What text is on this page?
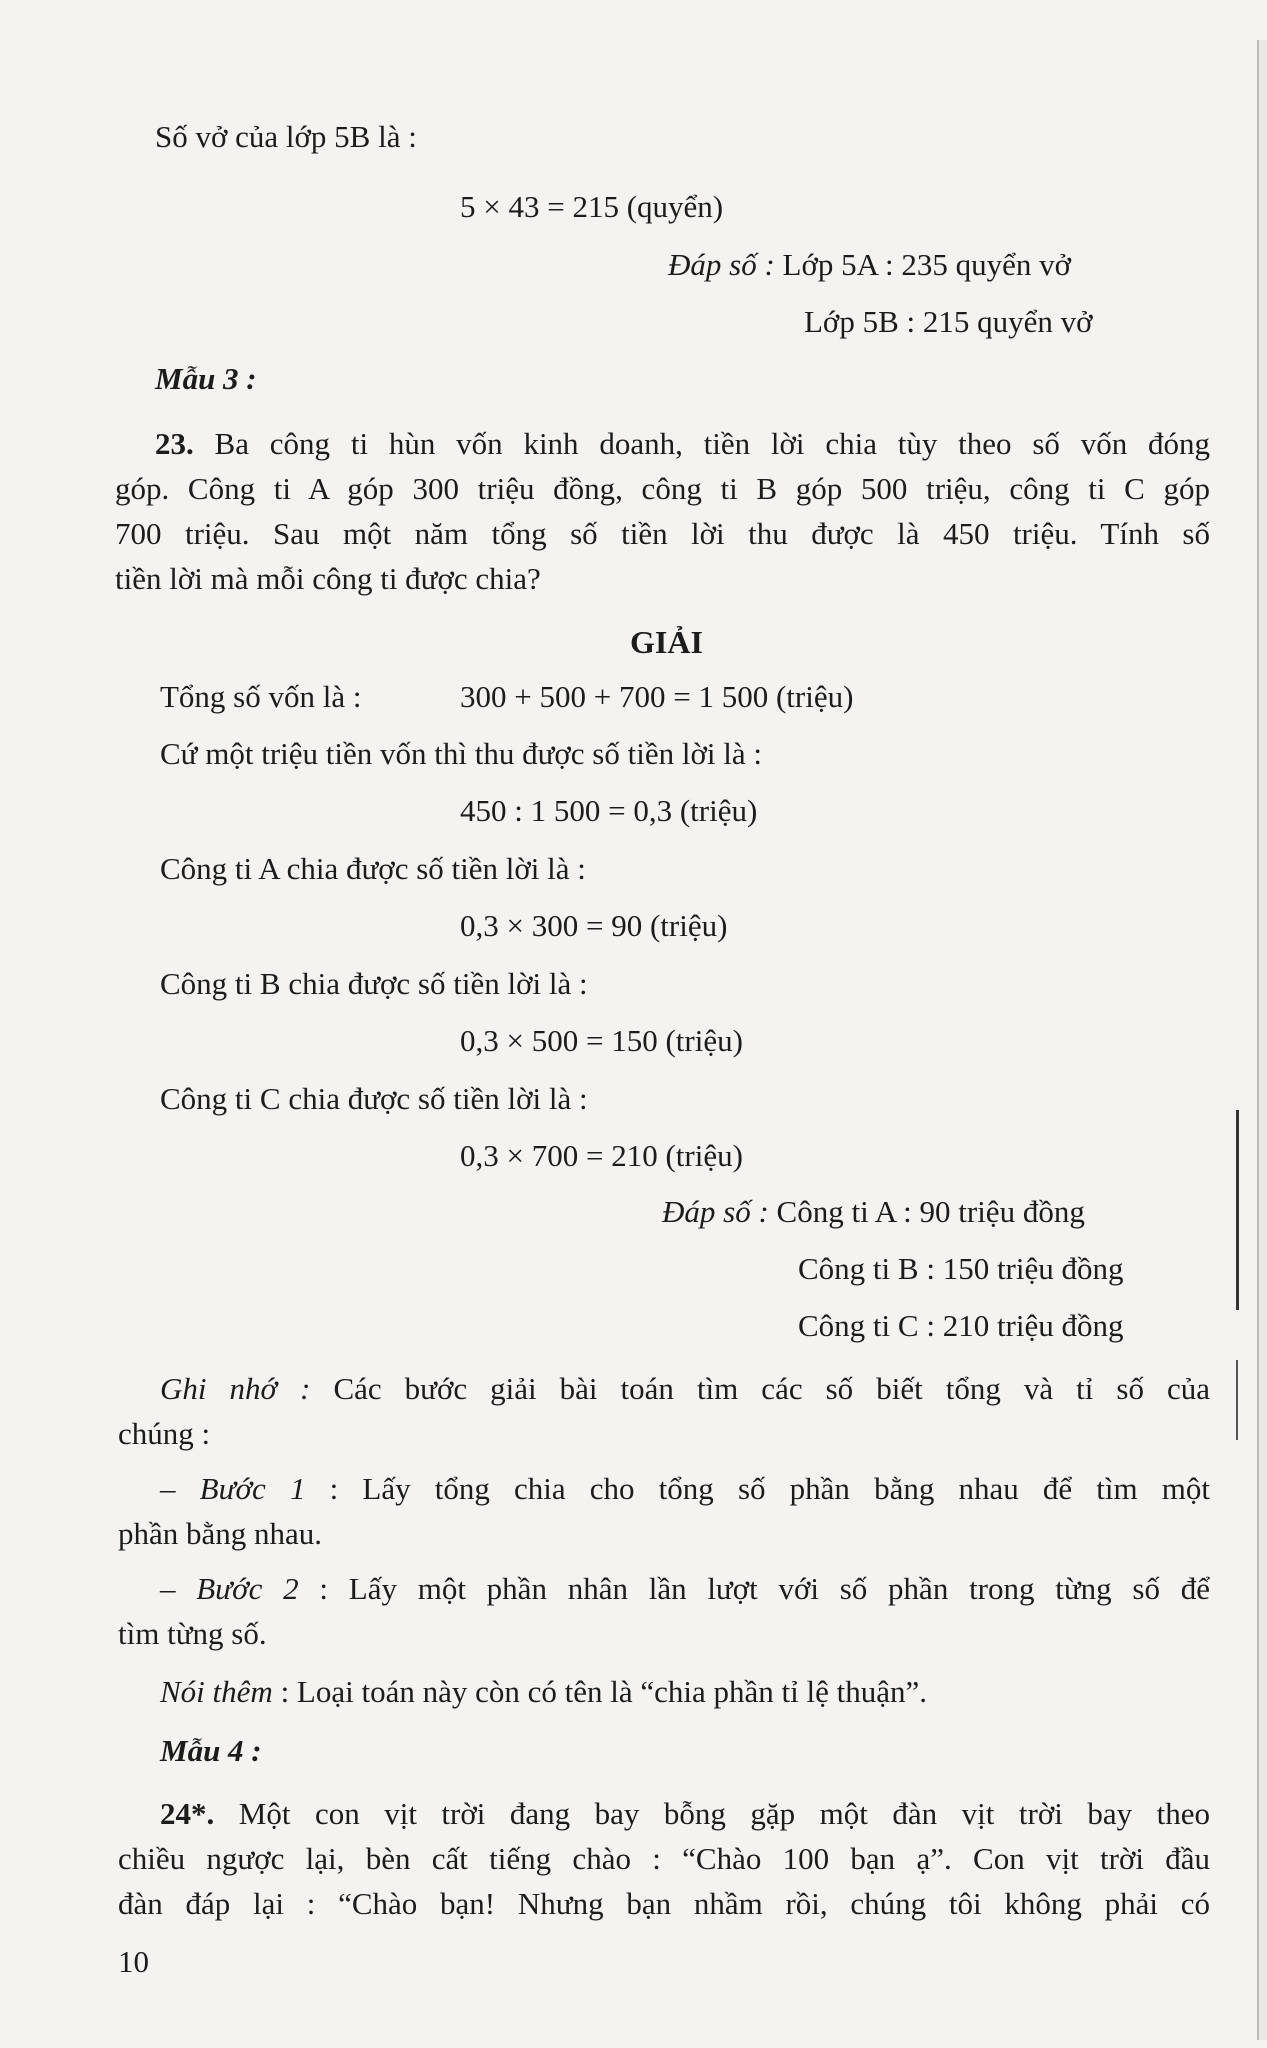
Số vở của lớp 5B là :
5 × 43 = 215 (quyển)
Đáp số : Lớp 5A : 235 quyển vở
Lớp 5B : 215 quyển vở
Mẫu 3 :
23. Ba công ti hùn vốn kinh doanh, tiền lời chia tùy theo số vốn đóng
góp. Công ti A góp 300 triệu đồng, công ti B góp 500 triệu, công ti C góp
700 triệu. Sau một năm tổng số tiền lời thu được là 450 triệu. Tính số
tiền lời mà mỗi công ti được chia?
GIẢI
Tổng số vốn là :	300 + 500 + 700 = 1 500 (triệu)
Cứ một triệu tiền vốn thì thu được số tiền lời là :
450 : 1 500 = 0,3 (triệu)
Công ti A chia được số tiền lời là :
0,3 × 300 = 90 (triệu)
Công ti B chia được số tiền lời là :
0,3 × 500 = 150 (triệu)
Công ti C chia được số tiền lời là :
0,3 × 700 = 210 (triệu)
Đáp số : Công ti A : 90 triệu đồng
Công ti B : 150 triệu đồng
Công ti C : 210 triệu đồng
Ghi nhớ : Các bước giải bài toán tìm các số biết tổng và tỉ số của
chúng :
– Bước 1 : Lấy tổng chia cho tổng số phần bằng nhau để tìm một
phần bằng nhau.
– Bước 2 : Lấy một phần nhân lần lượt với số phần trong từng số để
tìm từng số.
Nói thêm : Loại toán này còn có tên là “chia phần tỉ lệ thuận”.
Mẫu 4 :
24*. Một con vịt trời đang bay bỗng gặp một đàn vịt trời bay theo
chiều ngược lại, bèn cất tiếng chào : “Chào 100 bạn ạ”. Con vịt trời đầu
đàn đáp lại : “Chào bạn! Nhưng bạn nhầm rồi, chúng tôi không phải có
10
